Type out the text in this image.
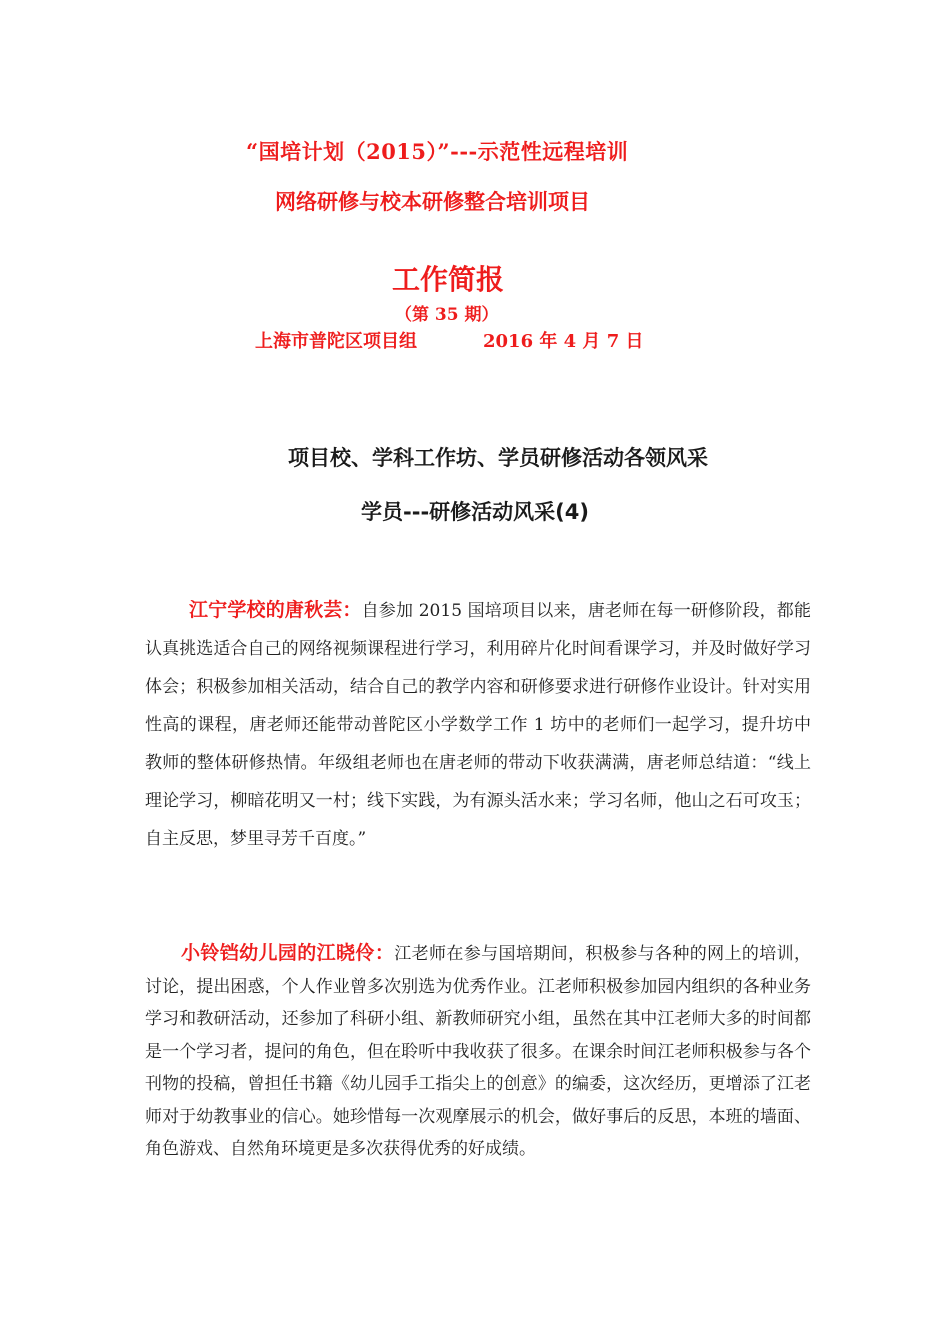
“国培计划（2015）”---示范性远程培训
网络研修与校本研修整合培训项目
工作简报
（第 35 期）
上海市普陀区项目组	2016 年 4 月 7 日
项目校、学科工作坊、学员研修活动各领风采
学员---研修活动风采(4)
江宁学校的唐秋芸：自参加 2015 国培项目以来，唐老师在每一研修阶段，都能认真挑选适合自己的网络视频课程进行学习，利用碎片化时间看课学习，并及时做好学习体会；积极参加相关活动，结合自己的教学内容和研修要求进行研修作业设计。针对实用性高的课程，唐老师还能带动普陀区小学数学工作 1 坊中的老师们一起学习，提升坊中教师的整体研修热情。年级组老师也在唐老师的带动下收获满满，唐老师总结道：“线上理论学习，柳暗花明又一村；线下实践，为有源头活水来；学习名师，他山之石可攻玉；自主反思，梦里寻芳千百度。”
小铃铛幼儿园的江晓伶：江老师在参与国培期间，积极参与各种的网上的培训，讨论，提出困惑，个人作业曾多次别选为优秀作业。江老师积极参加园内组织的各种业务学习和教研活动，还参加了科研小组、新教师研究小组，虽然在其中江老师大多的时间都是一个学习者，提问的角色，但在聆听中我收获了很多。在课余时间江老师积极参与各个刊物的投稿，曾担任书籍《幼儿园手工指尖上的创意》的编委，这次经历，更增添了江老师对于幼教事业的信心。她珍惜每一次观摩展示的机会，做好事后的反思，本班的墙面、角色游戏、自然角环境更是多次获得优秀的好成绩。
